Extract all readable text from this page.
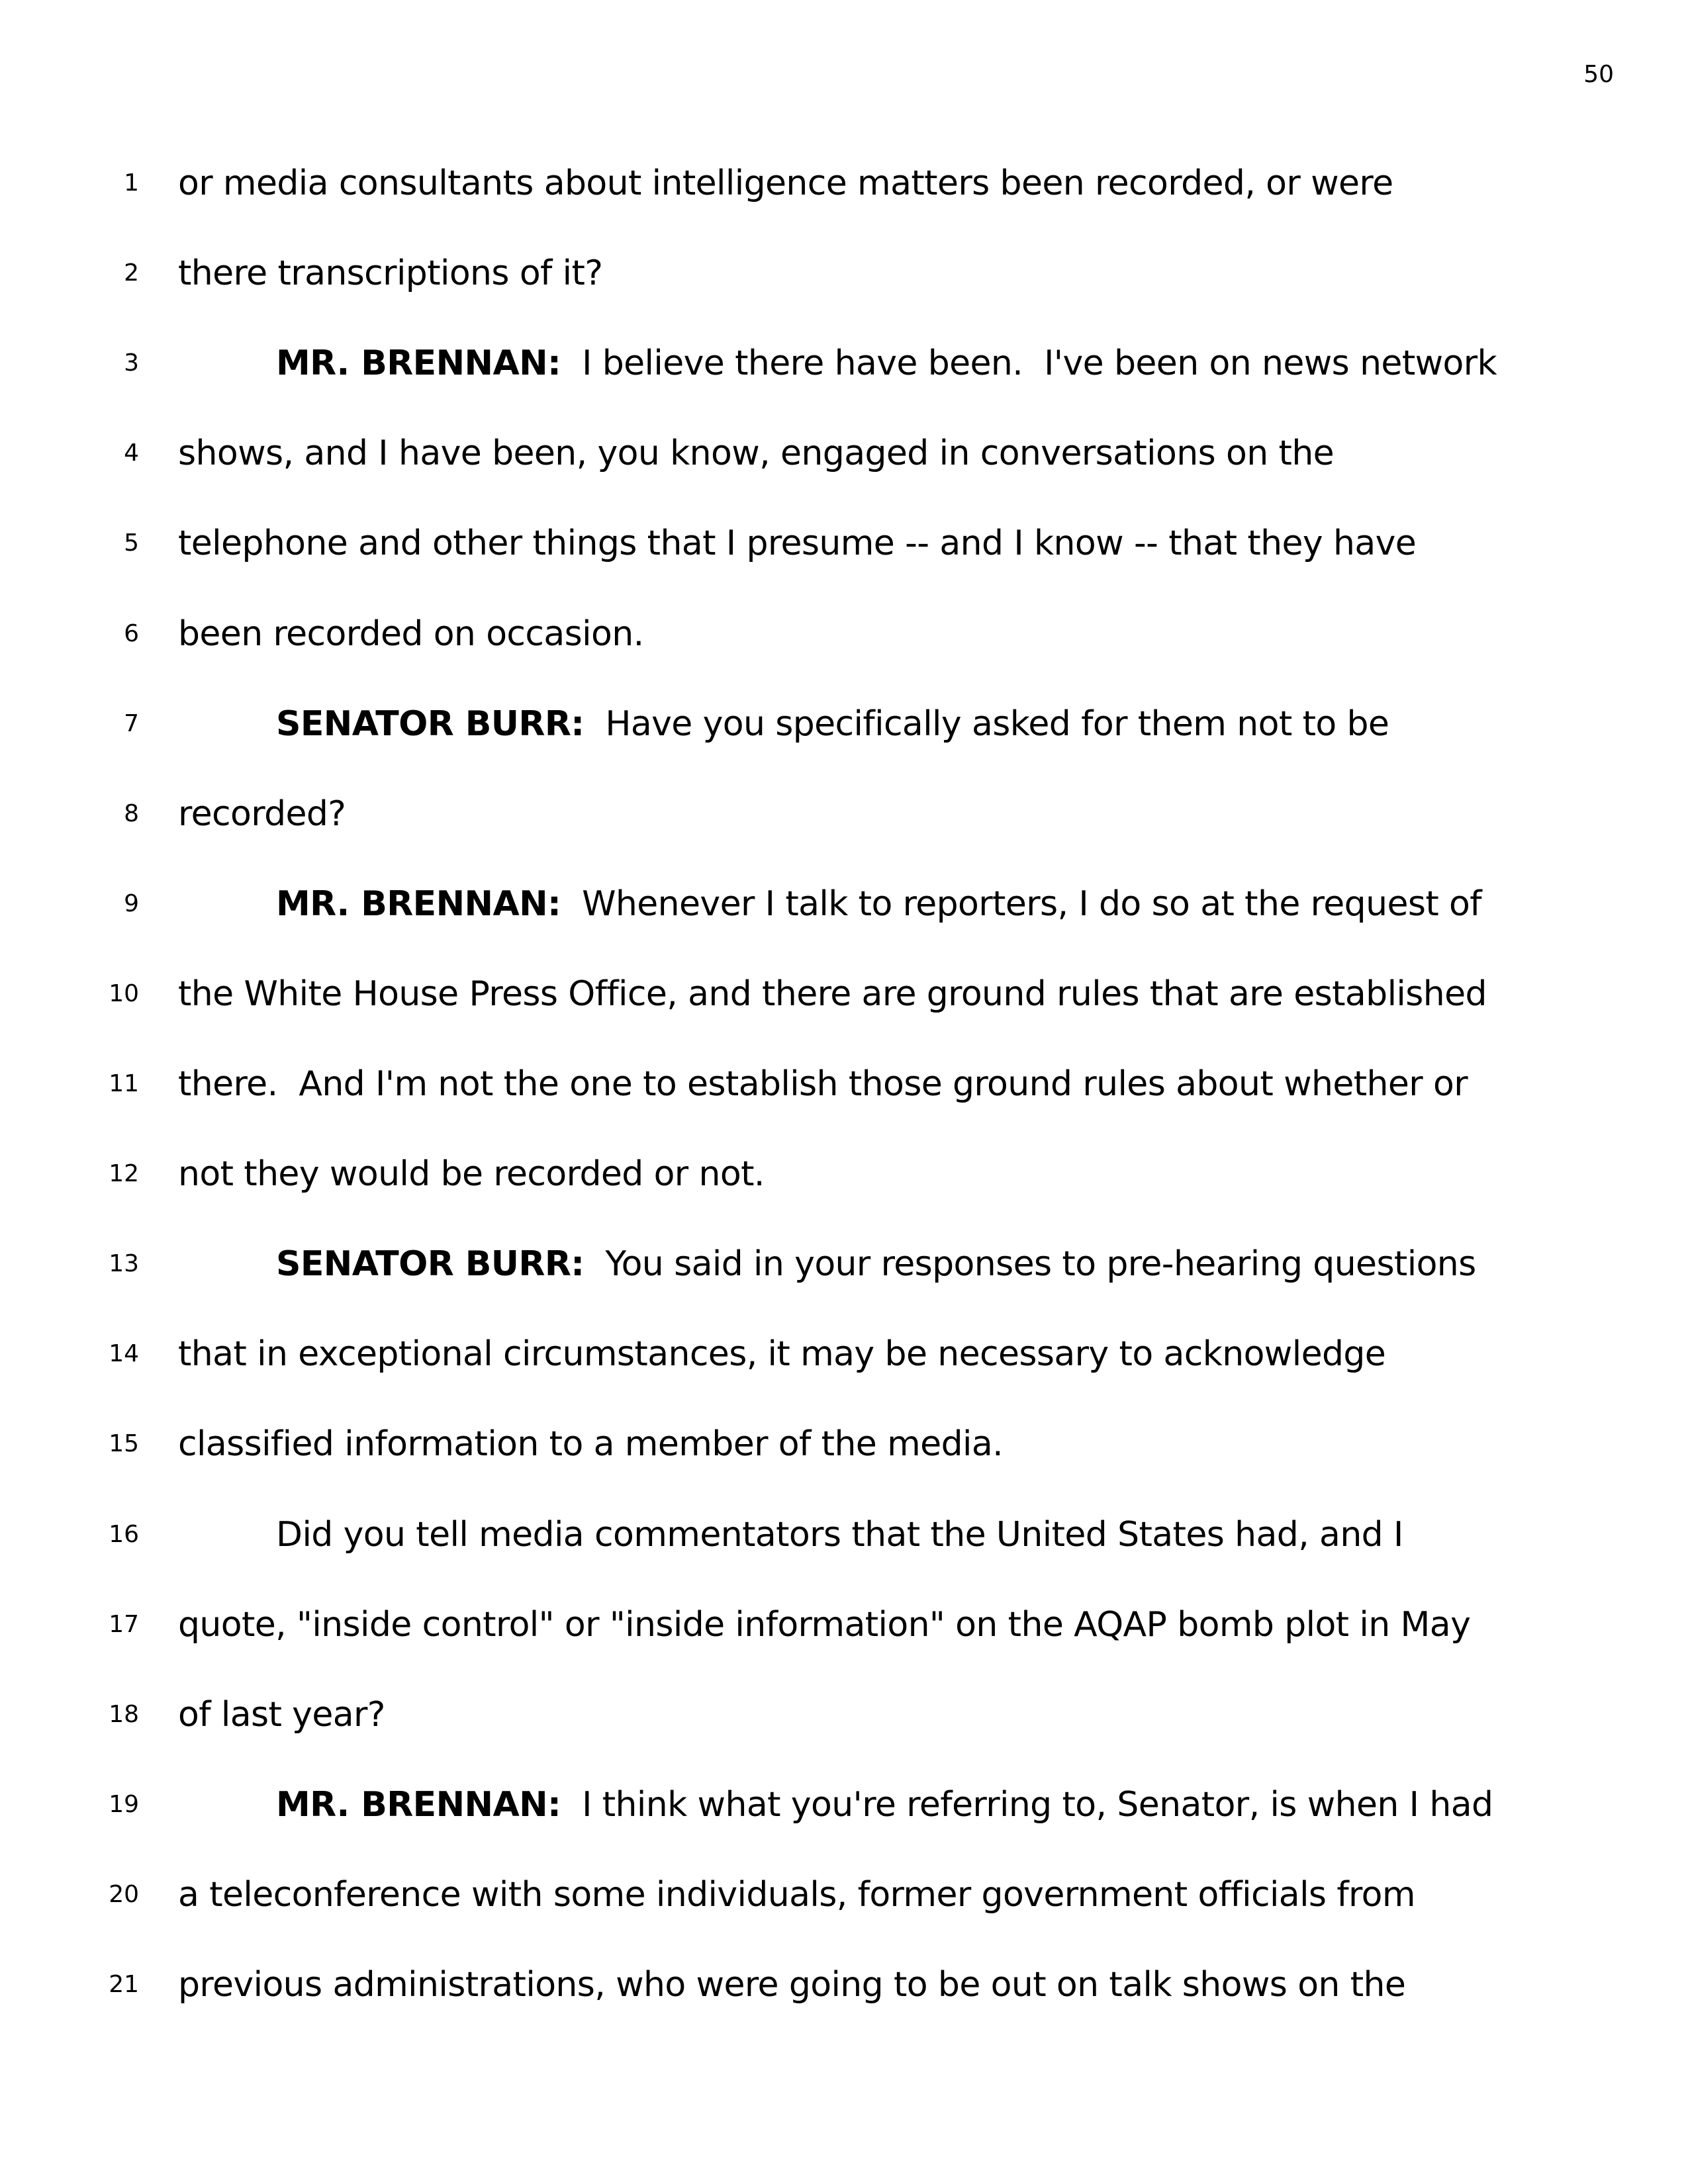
50
1 or media consultants about intelligence matters been recorded, or were
2 there transcriptions of it?
3	MR. BRENNAN:  I believe there have been.  I've been on news network
4 shows, and I have been, you know, engaged in conversations on the
5 telephone and other things that I presume -- and I know -- that they have
6 been recorded on occasion.
7	SENATOR BURR:  Have you specifically asked for them not to be
8 recorded?
9	MR. BRENNAN:  Whenever I talk to reporters, I do so at the request of
10 the White House Press Office, and there are ground rules that are established
11 there.  And I'm not the one to establish those ground rules about whether or
12 not they would be recorded or not.
13	SENATOR BURR:  You said in your responses to pre-hearing questions
14 that in exceptional circumstances, it may be necessary to acknowledge
15 classified information to a member of the media.
16	Did you tell media commentators that the United States had, and I
17 quote, "inside control" or "inside information" on the AQAP bomb plot in May
18 of last year?
19	MR. BRENNAN:  I think what you're referring to, Senator, is when I had
20 a teleconference with some individuals, former government officials from
21 previous administrations, who were going to be out on talk shows on the
